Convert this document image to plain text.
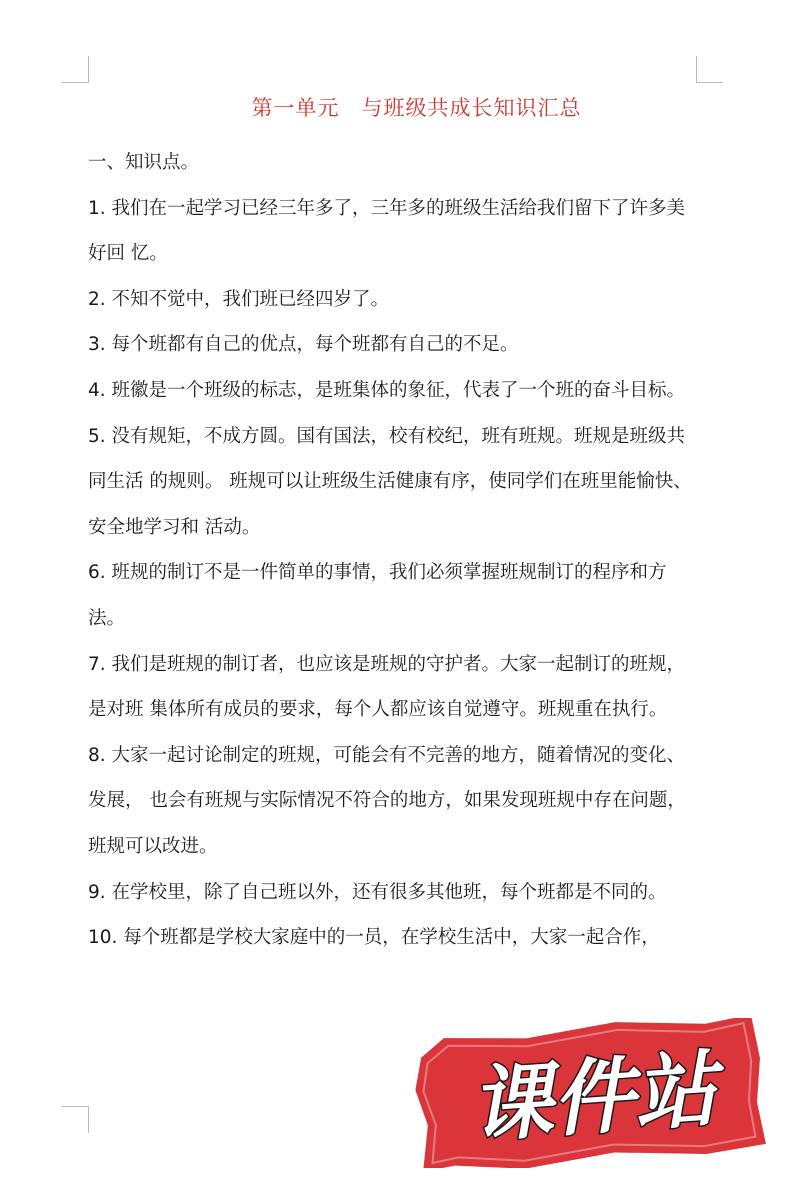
第一单元　与班级共成长知识汇总

一、知识点。

1. 我们在一起学习已经三年多了，三年多的班级生活给我们留下了许多美好回 忆。

2. 不知不觉中，我们班已经四岁了。

3. 每个班都有自己的优点，每个班都有自己的不足。

4. 班徽是一个班级的标志，是班集体的象征，代表了一个班的奋斗目标。

5. 没有规矩，不成方圆。国有国法，校有校纪，班有班规。班规是班级共同生活 的规则。 班规可以让班级生活健康有序，使同学们在班里能愉快、 安全地学习和 活动。

6. 班规的制订不是一件简单的事情，我们必须掌握班规制订的程序和方法。

7. 我们是班规的制订者，也应该是班规的守护者。大家一起制订的班规，是对班 集体所有成员的要求，每个人都应该自觉遵守。班规重在执行。

8. 大家一起讨论制定的班规，可能会有不完善的地方，随着情况的变化、发展， 也会有班规与实际情况不符合的地方，如果发现班规中存在问题， 班规可以改进。

9. 在学校里，除了自己班以外，还有很多其他班，每个班都是不同的。

10. 每个班都是学校大家庭中的一员，在学校生活中，大家一起合作，

课件站
